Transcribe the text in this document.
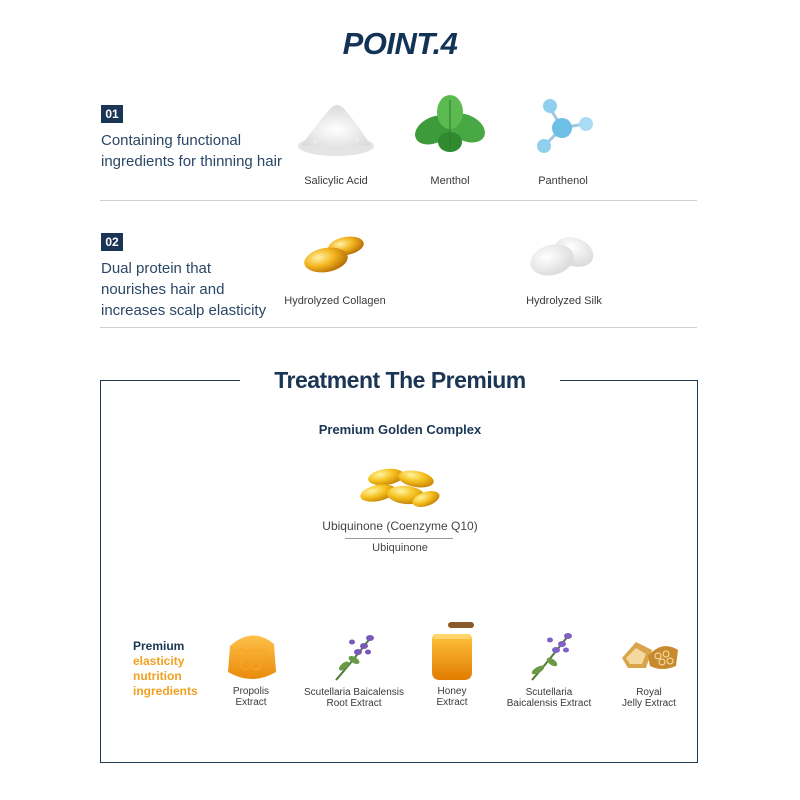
POINT.4
01
Containing functional
ingredients for thinning hair
Salicylic Acid	Menthol	Panthenol
02
Dual protein that
nourishes hair and
increases scalp elasticity
Hydrolyzed Collagen	Hydrolyzed Silk
Treatment The Premium
Premium Golden Complex
Ubiquinone (Coenzyme Q10)
Ubiquinone
Premium
elasticity
nutrition
ingredients	Propolis
Extract
Scutellaria Baicalensis
Root Extract
Honey
Extract
Scutellaria
Baicalensis Extract
Royal
Jelly Extract
